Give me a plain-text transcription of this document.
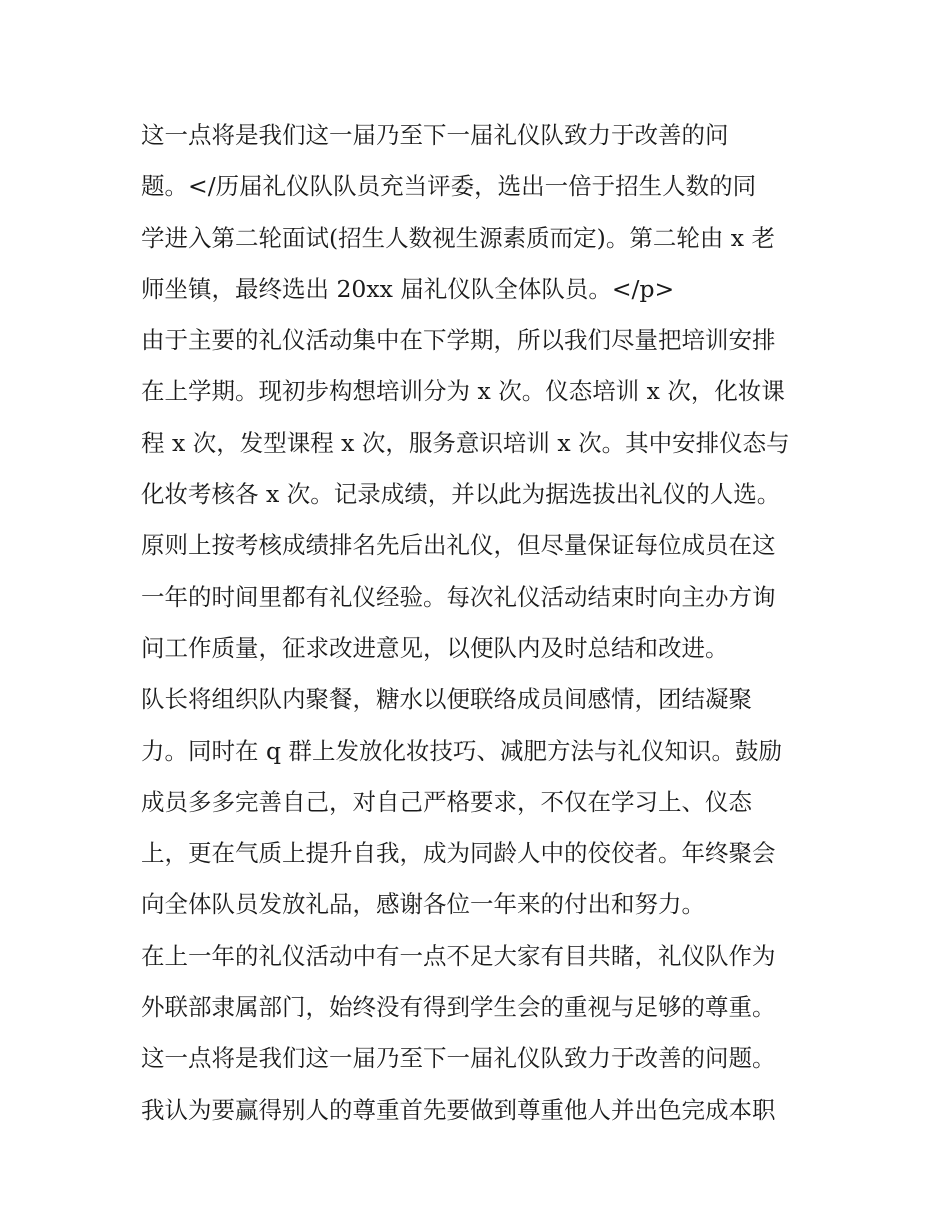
这一点将是我们这一届乃至下一届礼仪队致力于改善的问
题。</历届礼仪队队员充当评委，选出一倍于招生人数的同
学进入第二轮面试(招生人数视生源素质而定)。第二轮由 x 老
师坐镇，最终选出 20xx 届礼仪队全体队员。</p>
由于主要的礼仪活动集中在下学期，所以我们尽量把培训安排
在上学期。现初步构想培训分为 x 次。仪态培训 x 次，化妆课
程 x 次，发型课程 x 次，服务意识培训 x 次。其中安排仪态与
化妆考核各 x 次。记录成绩，并以此为据选拔出礼仪的人选。
原则上按考核成绩排名先后出礼仪，但尽量保证每位成员在这
一年的时间里都有礼仪经验。每次礼仪活动结束时向主办方询
问工作质量，征求改进意见，以便队内及时总结和改进。
队长将组织队内聚餐，糖水以便联络成员间感情，团结凝聚
力。同时在 q 群上发放化妆技巧、减肥方法与礼仪知识。鼓励
成员多多完善自己，对自己严格要求，不仅在学习上、仪态
上，更在气质上提升自我，成为同龄人中的佼佼者。年终聚会
向全体队员发放礼品，感谢各位一年来的付出和努力。
在上一年的礼仪活动中有一点不足大家有目共睹，礼仪队作为
外联部隶属部门，始终没有得到学生会的重视与足够的尊重。
这一点将是我们这一届乃至下一届礼仪队致力于改善的问题。
我认为要赢得别人的尊重首先要做到尊重他人并出色完成本职
